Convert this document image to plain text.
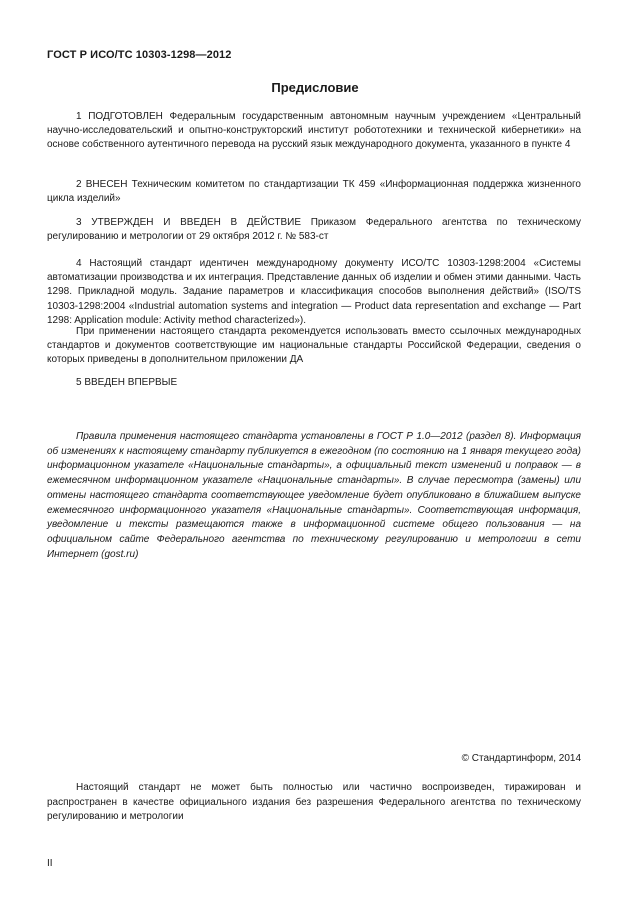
ГОСТ Р ИСО/ТС 10303-1298—2012
Предисловие

1 ПОДГОТОВЛЕН Федеральным государственным автономным научным учреждением «Центральный научно-исследовательский и опытно-конструкторский институт робототехники и технической кибернетики» на основе собственного аутентичного перевода на русский язык международного документа, указанного в пункте 4

2 ВНЕСЕН Техническим комитетом по стандартизации ТК 459 «Информационная поддержка жизненного цикла изделий»

3 УТВЕРЖДЕН И ВВЕДЕН В ДЕЙСТВИЕ Приказом Федерального агентства по техническому регулированию и метрологии от 29 октября 2012 г. № 583-ст

4 Настоящий стандарт идентичен международному документу ИСО/ТС 10303-1298:2004 «Системы автоматизации производства и их интеграция. Представление данных об изделии и обмен этими данными. Часть 1298. Прикладной модуль. Задание параметров и классификация способов выполнения действий» (ISO/TS 10303-1298:2004 «Industrial automation systems and integration — Product data representation and exchange — Part 1298: Application module: Activity method characterized»).

При применении настоящего стандарта рекомендуется использовать вместо ссылочных международных стандартов и документов соответствующие им национальные стандарты Российской Федерации, сведения о которых приведены в дополнительном приложении ДА

5 ВВЕДЕН ВПЕРВЫЕ

Правила применения настоящего стандарта установлены в ГОСТ Р 1.0—2012 (раздел 8). Информация об изменениях к настоящему стандарту публикуется в ежегодном (по состоянию на 1 января текущего года) информационном указателе «Национальные стандарты», а официальный текст изменений и поправок — в ежемесячном информационном указателе «Национальные стандарты». В случае пересмотра (замены) или отмены настоящего стандарта соответствующее уведомление будет опубликовано в ближайшем выпуске ежемесячного информационного указателя «Национальные стандарты». Соответствующая информация, уведомление и тексты размещаются также в информационной системе общего пользования — на официальном сайте Федерального агентства по техническому регулированию и метрологии в сети Интернет (gost.ru)

© Стандартинформ, 2014

Настоящий стандарт не может быть полностью или частично воспроизведен, тиражирован и распространен в качестве официального издания без разрешения Федерального агентства по техническому регулированию и метрологии

II
